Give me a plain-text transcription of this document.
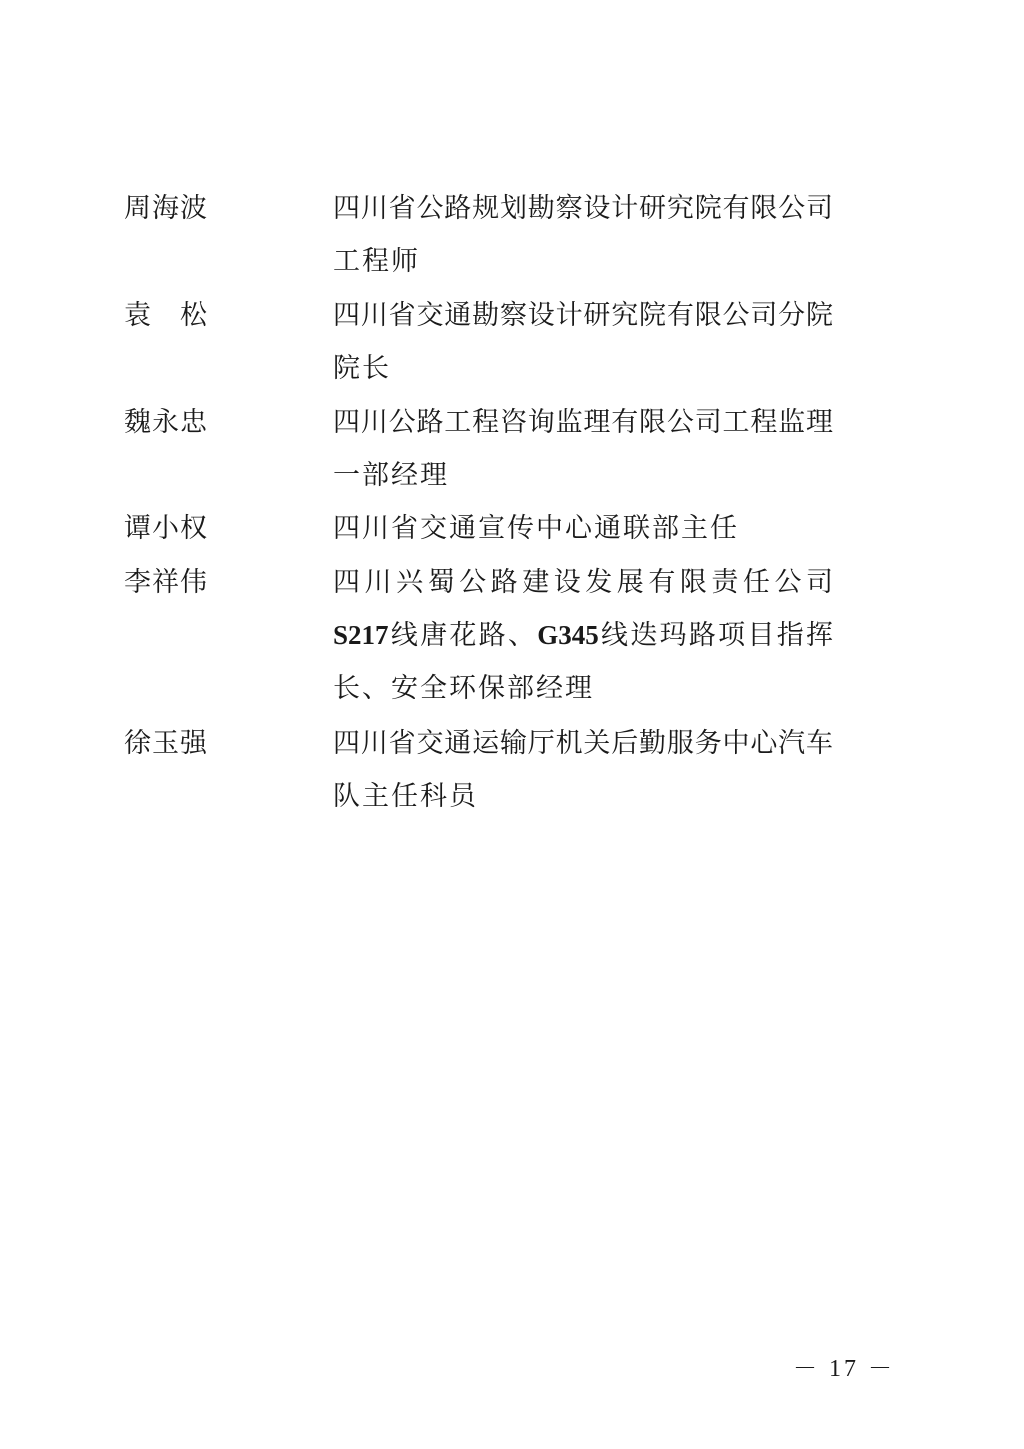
周海波	四川省公路规划勘察设计研究院有限公司
工程师
袁　松	四川省交通勘察设计研究院有限公司分院
院长
魏永忠	四川公路工程咨询监理有限公司工程监理
一部经理
谭小权	四川省交通宣传中心通联部主任
李祥伟	四川兴蜀公路建设发展有限责任公司
S217线唐花路、G345线迭玛路项目指挥
长、安全环保部经理
徐玉强	四川省交通运输厅机关后勤服务中心汽车
队主任科员
－ 17 －
